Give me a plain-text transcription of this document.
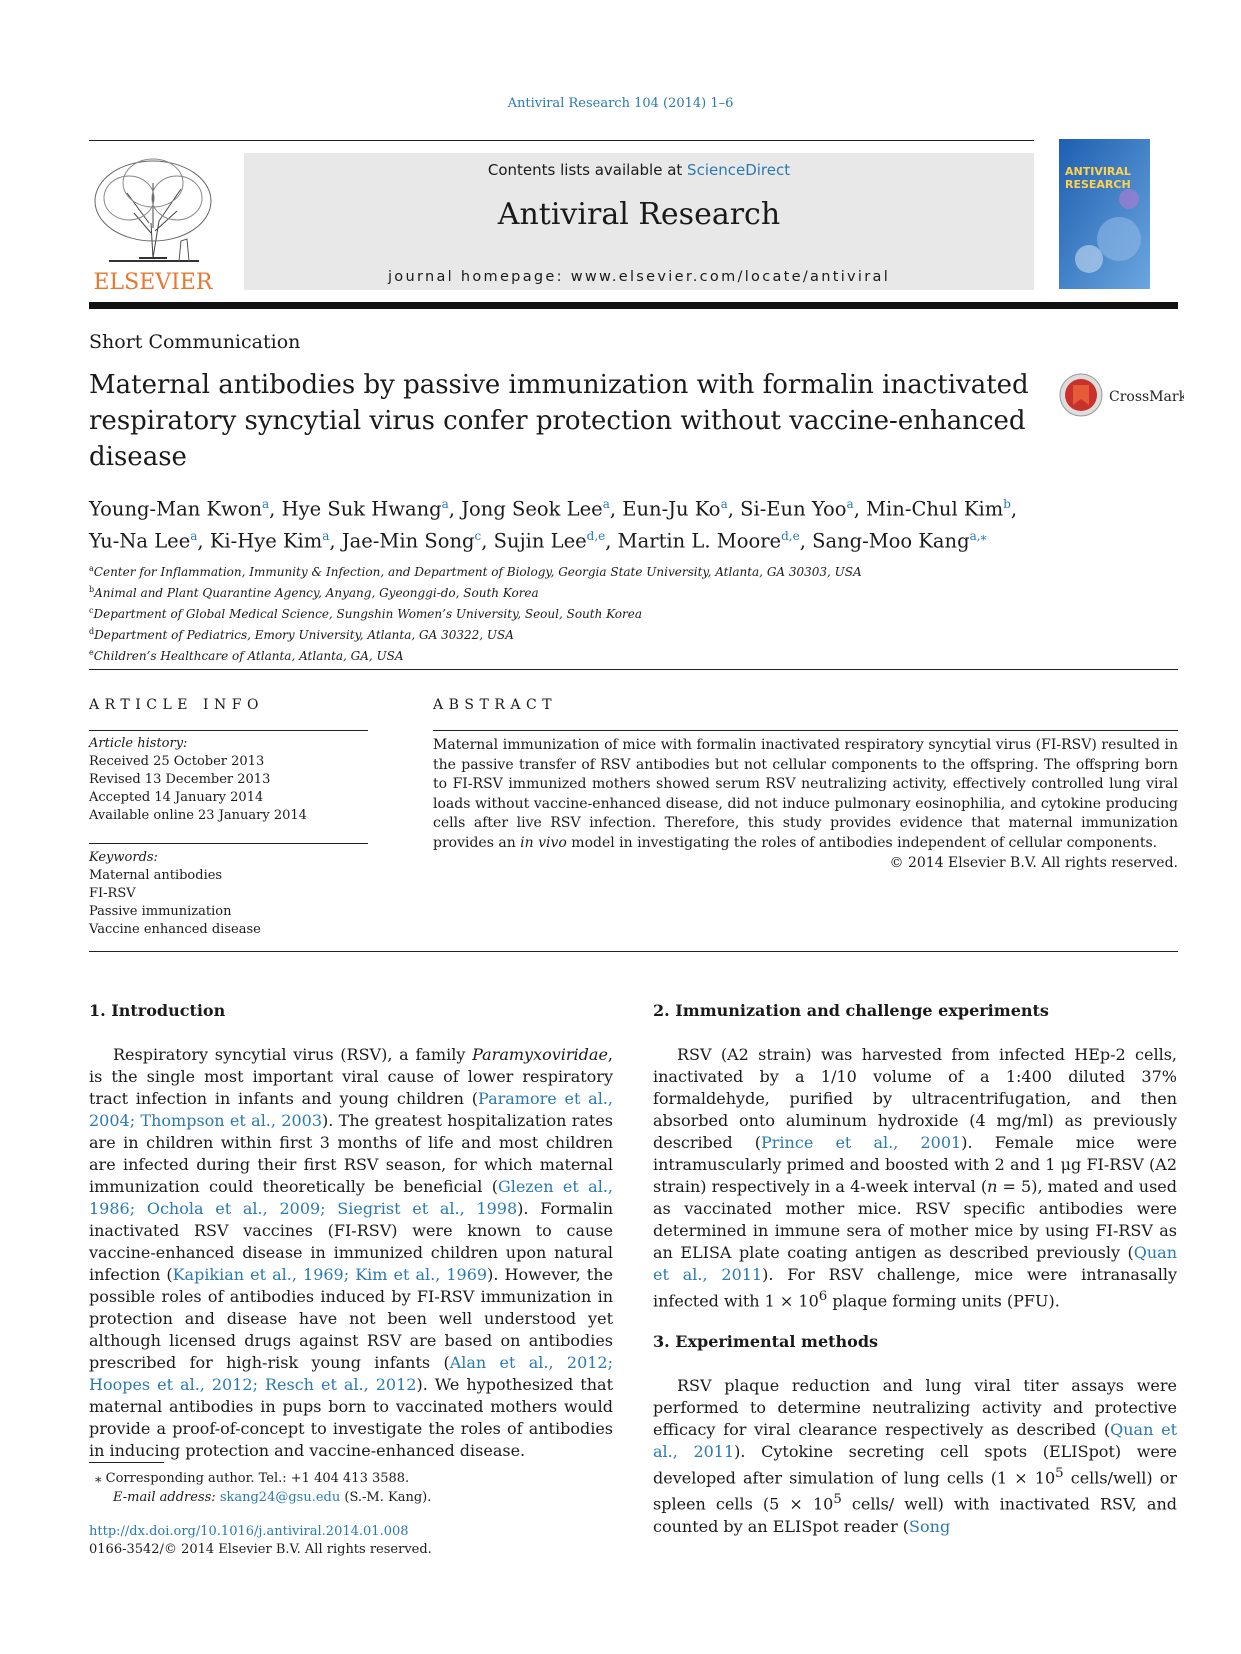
Antiviral Research 104 (2014) 1–6
ELSEVIER
Contents lists available at ScienceDirect
Antiviral Research
journal homepage: www.elsevier.com/locate/antiviral
ANTIVIRAL RESEARCH
Short Communication
Maternal antibodies by passive immunization with formalin inactivated respiratory syncytial virus confer protection without vaccine-enhanced disease
CrossMark
Young-Man Kwon$^a$, Hye Suk Hwang$^a$, Jong Seok Lee$^a$, Eun-Ju Ko$^a$, Si-Eun Yoo$^a$, Min-Chul Kim$^b$,
Yu-Na Lee$^a$, Ki-Hye Kim$^a$, Jae-Min Song$^c$, Sujin Lee$^{d,e}$, Martin L. Moore$^{d,e}$, Sang-Moo Kang$^{a,⁎}$
$^a$Center for Inflammation, Immunity & Infection, and Department of Biology, Georgia State University, Atlanta, GA 30303, USA
$^b$Animal and Plant Quarantine Agency, Anyang, Gyeonggi-do, South Korea
$^c$Department of Global Medical Science, Sungshin Women’s University, Seoul, South Korea
$^d$Department of Pediatrics, Emory University, Atlanta, GA 30322, USA
$^e$Children’s Healthcare of Atlanta, Atlanta, GA, USA
ARTICLE INFO	ABSTRACT
Article history:
Received 25 October 2013
Revised 13 December 2013
Accepted 14 January 2014
Available online 23 January 2014
Keywords:
Maternal antibodies
FI-RSV
Passive immunization
Vaccine enhanced disease
Maternal immunization of mice with formalin inactivated respiratory syncytial virus (FI-RSV) resulted in the passive transfer of RSV antibodies but not cellular components to the offspring. The offspring born to FI-RSV immunized mothers showed serum RSV neutralizing activity, effectively controlled lung viral loads without vaccine-enhanced disease, did not induce pulmonary eosinophilia, and cytokine producing cells after live RSV infection. Therefore, this study provides evidence that maternal immunization provides an in vivo model in investigating the roles of antibodies independent of cellular components.
© 2014 Elsevier B.V. All rights reserved.
1. Introduction
Respiratory syncytial virus (RSV), a family Paramyxoviridae, is the single most important viral cause of lower respiratory tract infection in infants and young children (Paramore et al., 2004; Thompson et al., 2003). The greatest hospitalization rates are in children within first 3 months of life and most children are infected during their first RSV season, for which maternal immunization could theoretically be beneficial (Glezen et al., 1986; Ochola et al., 2009; Siegrist et al., 1998). Formalin inactivated RSV vaccines (FI-RSV) were known to cause vaccine-enhanced disease in immunized children upon natural infection (Kapikian et al., 1969; Kim et al., 1969). However, the possible roles of antibodies induced by FI-RSV immunization in protection and disease have not been well understood yet although licensed drugs against RSV are based on antibodies prescribed for high-risk young infants (Alan et al., 2012; Hoopes et al., 2012; Resch et al., 2012). We hypothesized that maternal antibodies in pups born to vaccinated mothers would provide a proof-of-concept to investigate the roles of antibodies in inducing protection and vaccine-enhanced disease.
2. Immunization and challenge experiments
RSV (A2 strain) was harvested from infected HEp-2 cells, inactivated by a 1/10 volume of a 1:400 diluted 37% formaldehyde, purified by ultracentrifugation, and then absorbed onto aluminum hydroxide (4 mg/ml) as previously described (Prince et al., 2001). Female mice were intramuscularly primed and boosted with 2 and 1 μg FI-RSV (A2 strain) respectively in a 4-week interval (n = 5), mated and used as vaccinated mother mice. RSV specific antibodies were determined in immune sera of mother mice by using FI-RSV as an ELISA plate coating antigen as described previously (Quan et al., 2011). For RSV challenge, mice were intranasally infected with $1 \times 10^6$ plaque forming units (PFU).
3. Experimental methods
RSV plaque reduction and lung viral titer assays were performed to determine neutralizing activity and protective efficacy for viral clearance respectively as described (Quan et al., 2011). Cytokine secreting cell spots (ELISpot) were developed after simulation of lung cells ($1 \times 10^5$ cells/well) or spleen cells ($5 \times 10^5$ cells/ well) with inactivated RSV, and counted by an ELISpot reader (Song
⁎ Corresponding author. Tel.: +1 404 413 3588.
E-mail address: skang24@gsu.edu (S.-M. Kang).
http://dx.doi.org/10.1016/j.antiviral.2014.01.008
0166-3542/© 2014 Elsevier B.V. All rights reserved.
